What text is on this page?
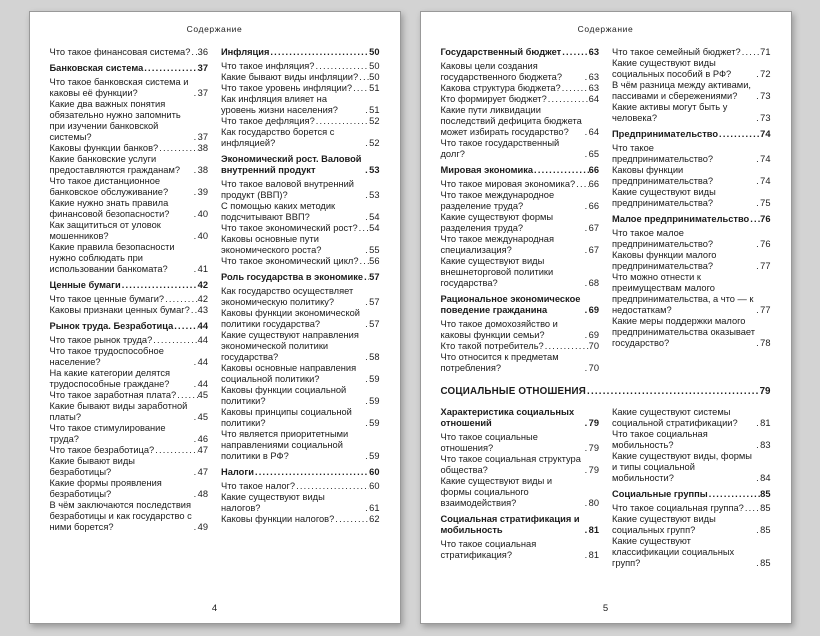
Содержание
Что такое финансовая система? ..... 36
Банковская система .....	37
Что такое банковская система и каковы её функции? .....	37
Какие два важных понятия обязательно нужно запомнить при изучении банковской системы? .....	37
Каковы функции банков? .....	38
Какие банковские услуги предоставляются гражданам? .....	38
Что такое дистанционное банковское обслуживание? .....	39
Какие нужно знать правила финансовой безопасности? .....	40
Как защититься от уловок мошенников? .....	40
Какие правила безопасности нужно соблюдать при использовании банкомата? .....	41
Ценные бумаги .....	42
Что такое ценные бумаги? .....	42
Каковы признаки ценных бумаг? ..... 43
Рынок труда. Безработица .....	44
Что такое рынок труда? .....	44
Что такое трудоспособное население? .....	44
На какие категории делятся трудоспособные граждане? .....	44
Что такое заработная плата? ..... 45
Какие бывают виды заработной платы? .....	45
Что такое стимулирование труда? .....	46
Что такое безработица? .....	47
Какие бывают виды безработицы? .....	47
Какие формы проявления безработицы? .....	48
В чём заключаются последствия безработицы и как государство с ними борется? .....	49
Инфляция .....	50
Что такое инфляция? .....	50
Какие бывают виды инфляции? ..... 50
Что такое уровень инфляции? ..... 51
Как инфляция влияет на уровень жизни населения? .....	51
Что такое дефляция? .....	52
Как государство борется с инфляцией? .....	52
Экономический рост. Валовой внутренний продукт .....	53
Что такое валовой внутренний продукт (ВВП)? .....	53
С помощью каких методик подсчитывают ВВП? .....	54
Что такое экономический рост? ..... 54
Каковы основные пути экономического роста? .....	55
Что такое экономический цикл? ..... 56
Роль государства в экономике ..... 57
Как государство осуществляет экономическую политику? .....	57
Каковы функции экономической политики государства? .....	57
Какие существуют направления экономической политики государства? .....	58
Каковы основные направления социальной политики? .....	59
Каковы функции социальной политики? .....	59
Каковы принципы социальной политики? .....	59
Что является приоритетными направлениями социальной политики в РФ? .....	59
Налоги .....	60
Что такое налог? .....	60
Какие существуют виды налогов? .....	61
Каковы функции налогов? .....	62
4
Содержание
Государственный бюджет .....	63
Каковы цели создания государственного бюджета? .....	63
Какова структура бюджета? .....	63
Кто формирует бюджет? .....	64
Какие пути ликвидации последствий дефицита бюджета может избирать государство? .....	64
Что такое государственный долг? .....	65
Мировая экономика .....	66
Что такое мировая экономика? ..... 66
Что такое международное разделение труда? .....	66
Какие существуют формы разделения труда? .....	67
Что такое международная специализация? .....	67
Какие существуют виды внешнеторговой политики государства? .....	68
Рациональное экономическое поведение гражданина .....	69
Что такое домохозяйство и каковы функции семьи? .....	69
Кто такой потребитель? .....	70
Что относится к предметам потребления? .....	70
Что такое семейный бюджет? ..... 71
Какие существуют виды социальных пособий в РФ? .....	72
В чём разница между активами, пассивами и сбережениями? .....	73
Какие активы могут быть у человека? .....	73
Предпринимательство .....	74
Что такое предпринимательство? .....	74
Каковы функции предпринимательства? .....	74
Какие существуют виды предпринимательства? .....	75
Малое предпринимательство ..... 76
Что такое малое предпринимательство? .....	76
Каковы функции малого предпринимательства? .....	77
Что можно отнести к преимуществам малого предпринимательства, а что — к недостаткам? .....	77
Какие меры поддержки малого предпринимательства оказывает государство? .....	78
СОЦИАЛЬНЫЕ ОТНОШЕНИЯ .....	79
Характеристика социальных отношений .....	79
Что такое социальные отношения? .....	79
Что такое социальная структура общества? .....	79
Какие существуют виды и формы социального взаимодействия? .....	80
Социальная стратификация и мобильность .....	81
Что такое социальная стратификация? .....	81
Какие существуют системы социальной стратификации? .....	81
Что такое социальная мобильность? .....	83
Какие существуют виды, формы и типы социальной мобильности? .....	84
Социальные группы .....	85
Что такое социальная группа? ..... 85
Какие существуют виды социальных групп? .....	85
Какие существуют классификации социальных групп? .....	85
5
